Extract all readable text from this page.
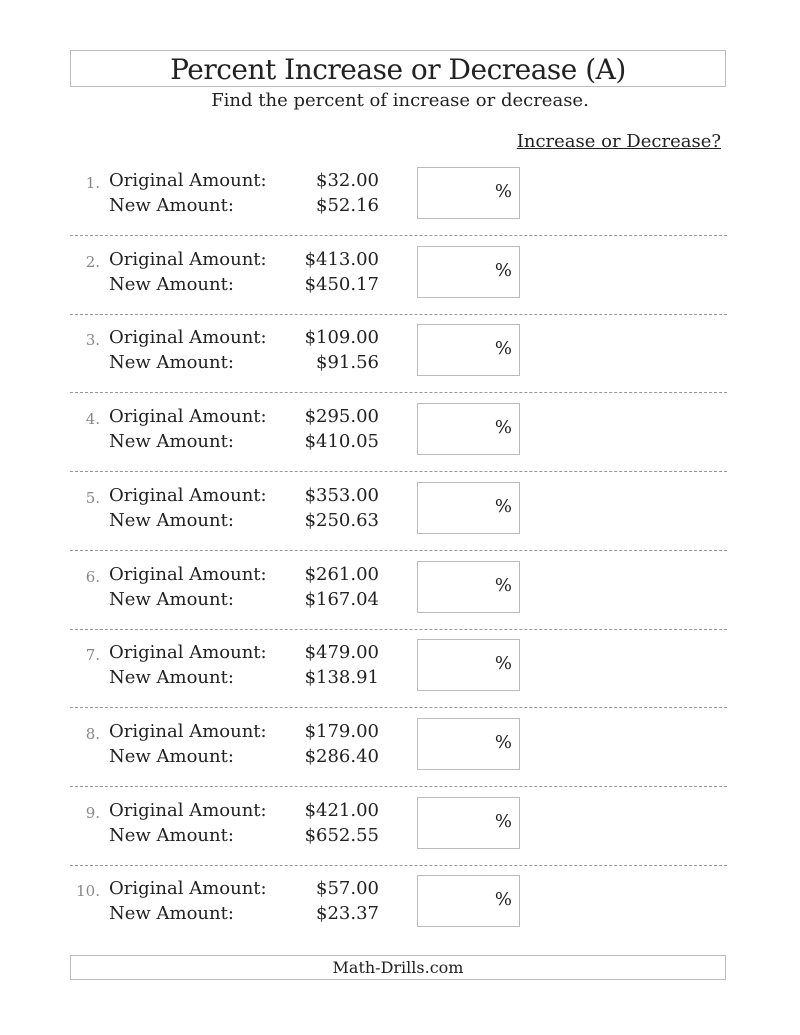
Percent Increase or Decrease (A)
Find the percent of increase or decrease.
Increase or Decrease?
1. Original Amount:	$32.00
New Amount:	$52.16
%
2. Original Amount: $413.00
New Amount:	$450.17
%
3. Original Amount: $109.00
New Amount:	$91.56
%
4. Original Amount: $295.00
New Amount:	$410.05
%
5. Original Amount: $353.00
New Amount:	$250.63
%
6. Original Amount: $261.00
New Amount:	$167.04
%
7. Original Amount: $479.00
New Amount:	$138.91
%
8. Original Amount: $179.00
New Amount:	$286.40
%
9. Original Amount: $421.00
New Amount:	$652.55
%
10. Original Amount:	$57.00
New Amount:	$23.37
%
Math-Drills.com
